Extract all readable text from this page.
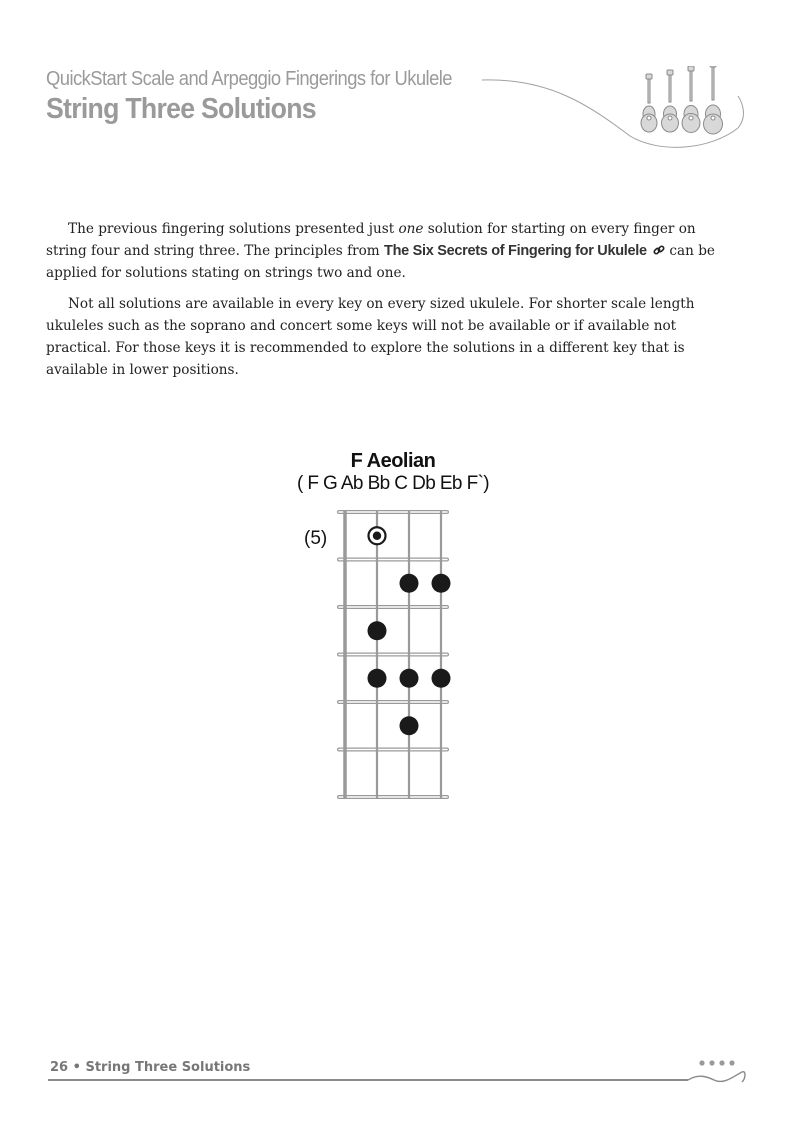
QuickStart Scale and Arpeggio Fingerings for Ukulele
String Three Solutions

The previous fingering solutions presented just one solution for starting on every finger on string four and string three. The principles from The Six Secrets of Fingering for Ukulele  can be applied for solutions stating on strings two and one.

Not all solutions are available in every key on every sized ukulele. For shorter scale length ukuleles such as the soprano and concert some keys will not be available or if available not practical. For those keys it is recommended to explore the solutions in a different key that is available in lower positions.

F Aeolian
( F G Ab Bb C Db Eb F`)
(5)
26 • String Three Solutions
